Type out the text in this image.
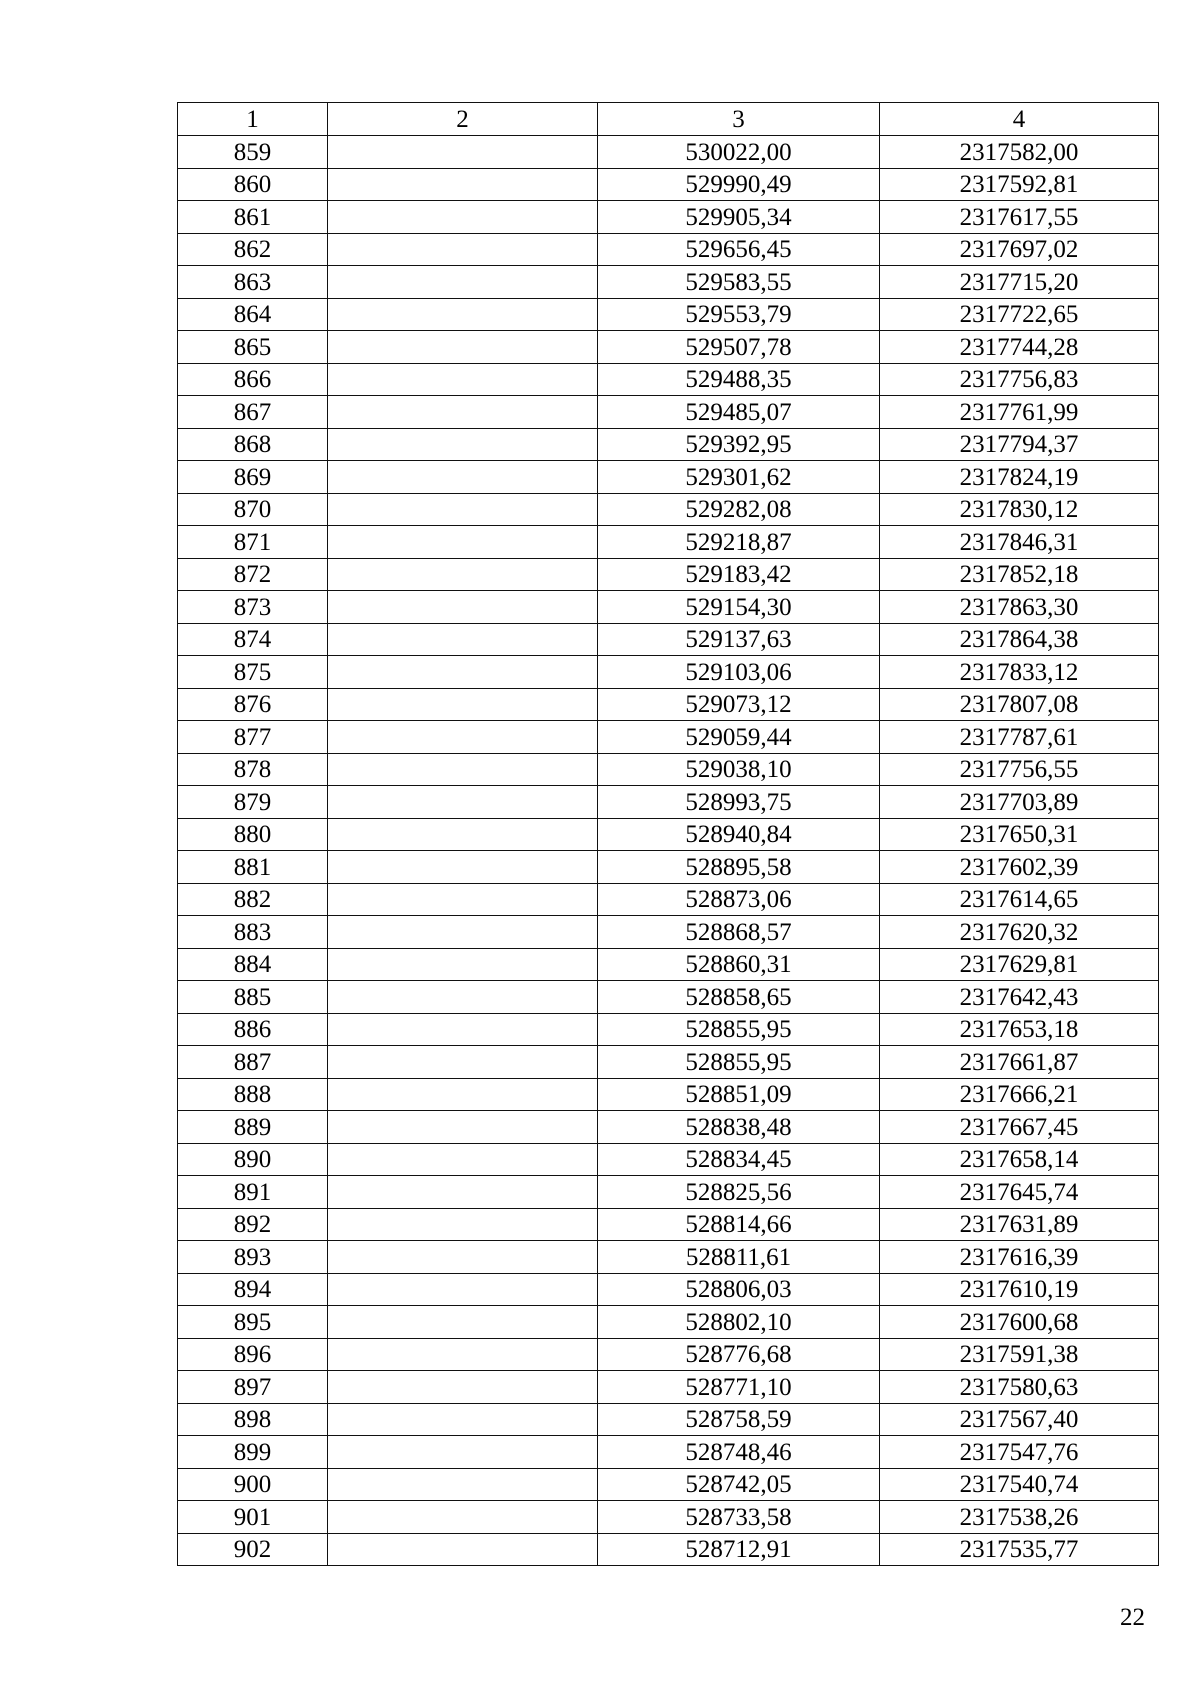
1	2	3	4
859		530022,00	2317582,00
860		529990,49	2317592,81
861		529905,34	2317617,55
862		529656,45	2317697,02
863		529583,55	2317715,20
864		529553,79	2317722,65
865		529507,78	2317744,28
866		529488,35	2317756,83
867		529485,07	2317761,99
868		529392,95	2317794,37
869		529301,62	2317824,19
870		529282,08	2317830,12
871		529218,87	2317846,31
872		529183,42	2317852,18
873		529154,30	2317863,30
874		529137,63	2317864,38
875		529103,06	2317833,12
876		529073,12	2317807,08
877		529059,44	2317787,61
878		529038,10	2317756,55
879		528993,75	2317703,89
880		528940,84	2317650,31
881		528895,58	2317602,39
882		528873,06	2317614,65
883		528868,57	2317620,32
884		528860,31	2317629,81
885		528858,65	2317642,43
886		528855,95	2317653,18
887		528855,95	2317661,87
888		528851,09	2317666,21
889		528838,48	2317667,45
890		528834,45	2317658,14
891		528825,56	2317645,74
892		528814,66	2317631,89
893		528811,61	2317616,39
894		528806,03	2317610,19
895		528802,10	2317600,68
896		528776,68	2317591,38
897		528771,10	2317580,63
898		528758,59	2317567,40
899		528748,46	2317547,76
900		528742,05	2317540,74
901		528733,58	2317538,26
902		528712,91	2317535,77
22
